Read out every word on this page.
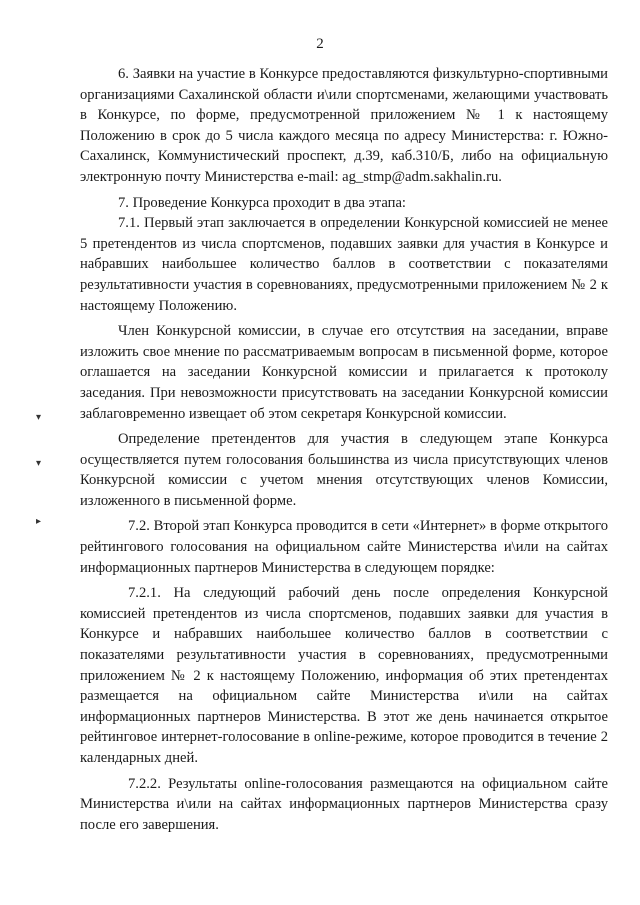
2
▾
▾
▸

6. Заявки на участие в Конкурсе предоставляются физкультурно-спортивными организациями Сахалинской области и\или спортсменами, желающими участвовать в Конкурсе, по форме, предусмотренной приложением № 1 к настоящему Положению в срок до 5 числа каждого месяца по адресу Министерства: г. Южно-Сахалинск, Коммунистический проспект, д.39, каб.310/Б, либо на официальную электронную почту Министерства e-mail: ag_stmp@adm.sakhalin.ru.

7. Проведение Конкурса проходит в два этапа:

7.1. Первый этап заключается в определении Конкурсной комиссией не менее 5 претендентов из числа спортсменов, подавших заявки для участия в Конкурсе и набравших наибольшее количество баллов в соответствии с показателями результативности участия в соревнованиях, предусмотренными приложением № 2 к настоящему Положению.

Член Конкурсной комиссии, в случае его отсутствия на заседании, вправе изложить свое мнение по рассматриваемым вопросам в письменной форме, которое оглашается на заседании Конкурсной комиссии и прилагается к протоколу заседания. При невозможности присутствовать на заседании Конкурсной комиссии заблаговременно извещает об этом секретаря Конкурсной комиссии.

Определение претендентов для участия в следующем этапе Конкурса осуществляется путем голосования большинства из числа присутствующих членов Конкурсной комиссии с учетом мнения отсутствующих членов Комиссии, изложенного в письменной форме.

7.2. Второй этап Конкурса проводится в сети «Интернет» в форме открытого рейтингового голосования на официальном сайте Министерства и\или на сайтах информационных партнеров Министерства в следующем порядке:

7.2.1. На следующий рабочий день после определения Конкурсной комиссией претендентов из числа спортсменов, подавших заявки для участия в Конкурсе и набравших наибольшее количество баллов в соответствии с показателями результативности участия в соревнованиях, предусмотренными приложением № 2 к настоящему Положению, информация об этих претендентах размещается на официальном сайте Министерства и\или на сайтах информационных партнеров Министерства. В этот же день начинается открытое рейтинговое интернет-голосование в online-режиме, которое проводится в течение 2 календарных дней.

7.2.2. Результаты online-голосования размещаются на официальном сайте Министерства и\или на сайтах информационных партнеров Министерства сразу после его завершения.
